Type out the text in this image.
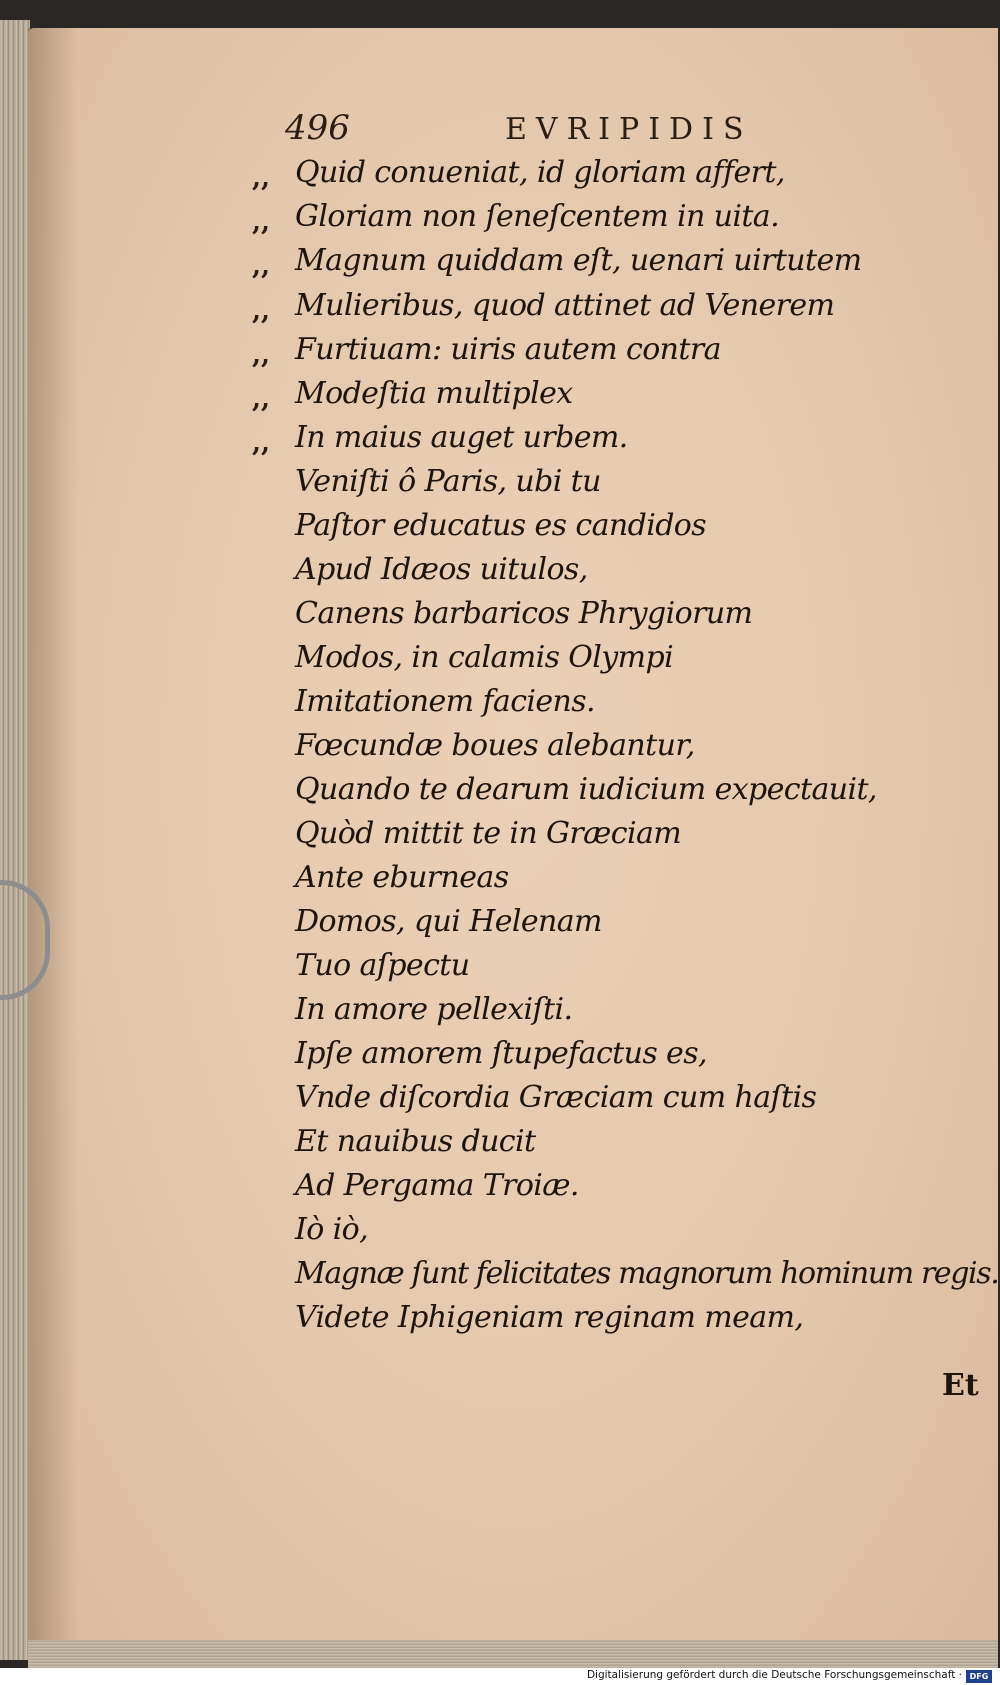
496	EVRIPIDIS
,,
,,
,,
,,
,,
,,
,,
Quid conueniat, id gloriam affert,
Gloriam non ſeneſcentem in uita.
Magnum quiddam eſt, uenari uirtutem
Mulieribus, quod attinet ad Venerem
Furtiuam: uiris autem contra
Modeſtia multiplex
In maius auget urbem.
Veniſti ô Paris, ubi tu
Paſtor educatus es candidos
Apud Idæos uitulos,
Canens barbaricos Phrygiorum
Modos, in calamis Olympi
Imitationem faciens.
Fœcundæ boues alebantur,
Quando te dearum iudicium expectauit,
Quòd mittit te in Græciam
Ante eburneas
Domos, qui Helenam
Tuo aſpectu
In amore pellexiſti.
Ipſe amorem ſtupefactus es,
Vnde diſcordia Græciam cum haſtis
Et nauibus ducit
Ad Pergama Troiæ.
Iò iò,
Magnæ ſunt felicitates magnorum hominum regis.
Videte Iphigeniam reginam meam,
Et
Digitalisierung gefördert durch die Deutsche Forschungsgemeinschaft · DFG
